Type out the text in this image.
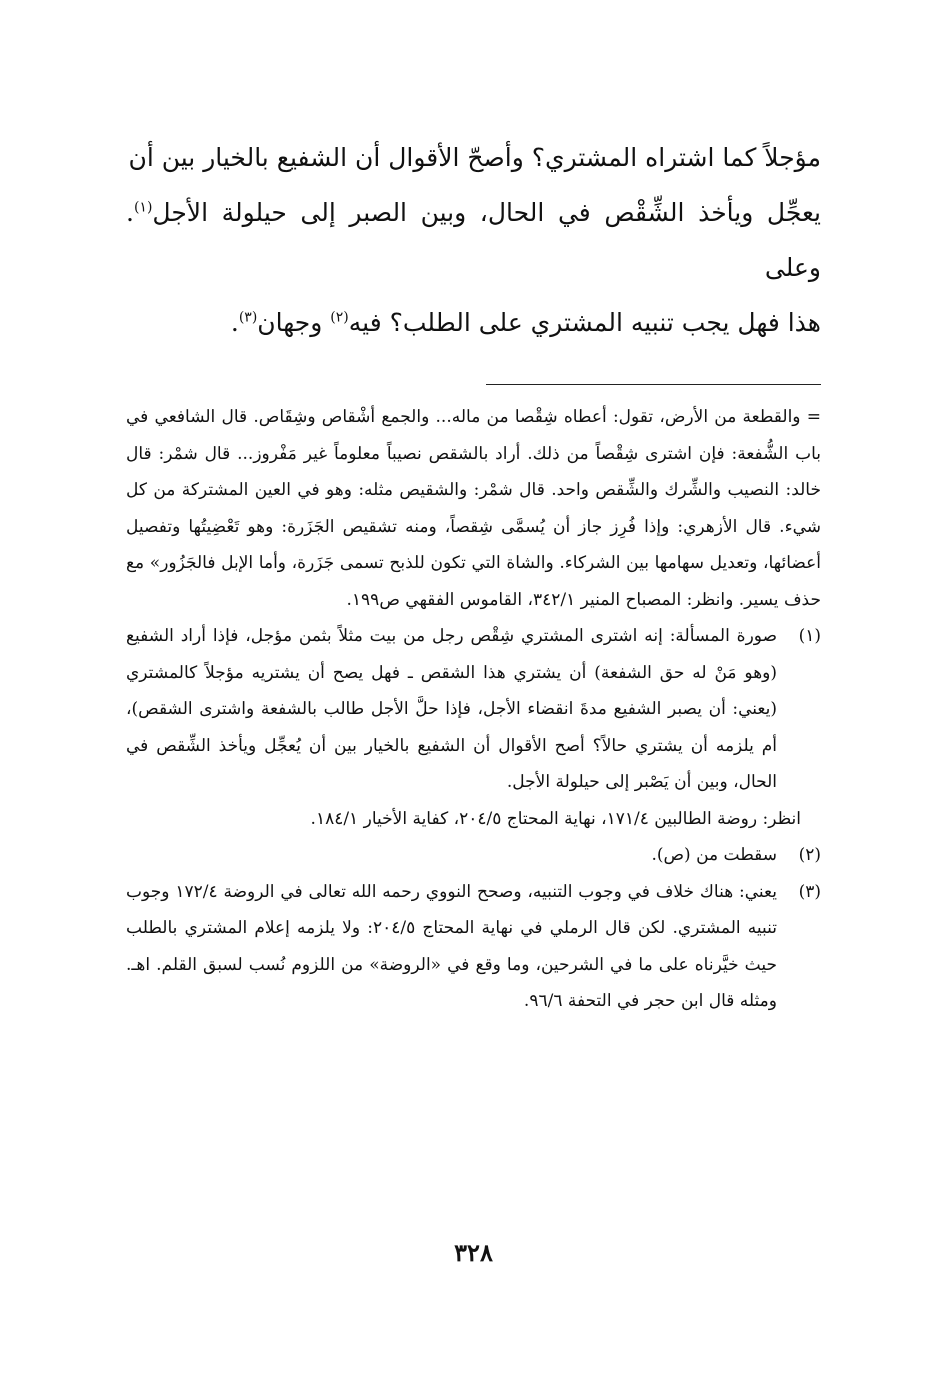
مؤجلاً كما اشتراه المشتري؟ وأصحّ الأقوال أن الشفيع بالخيار بين أن
يعجِّل ويأخذ الشِّقْص في الحال، وبين الصبر إلى حيلولة الأجل$^{(١)}$. وعلى
هذا فهل يجب تنبيه المشتري على الطلب؟ فيه$^{(٢)}$ وجهان$^{(٣)}$.

= والقطعة من الأرض، تقول: أعطاه شِقْصا من ماله... والجمع أشْقاص وشِقَاص. قال الشافعي في باب الشُّفعة: فإن اشترى شِقْصاً من ذلك. أراد بالشقص نصيباً معلوماً غير مَفْروز... قال شمْر: قال خالد: النصيب والشِّرك والشِّقص واحد. قال شمْر: والشقيص مثله: وهو في العين المشتركة من كل شيء. قال الأزهري: وإذا فُرِز جاز أن يُسمَّى شِقصاً، ومنه تشقيص الجَزَرة: وهو تَعْضِيتُها وتفصيل أعضائها، وتعديل سهامها بين الشركاء. والشاة التي تكون للذبح تسمى جَزَرة، وأما الإبل فالجَزُور» مع حذف يسير. وانظر: المصباح المنير ٣٤٢/١، القاموس الفقهي ص١٩٩.

(١)
صورة المسألة: إنه اشترى المشتري شِقْص رجل من بيت مثلاً بثمن مؤجل، فإذا أراد الشفيع (وهو مَنْ له حق الشفعة) أن يشتري هذا الشقص ـ فهل يصح أن يشتريه مؤجلاً كالمشتري (يعني: أن يصبر الشفيع مدةَ انقضاء الأجل، فإذا حلَّ الأجل طالب بالشفعة واشترى الشقص)، أم يلزمه أن يشتري حالاً؟ أصح الأقوال أن الشفيع بالخيار بين أن يُعجِّل ويأخذ الشِّقص في الحال، وبين أن يَصْبر إلى حيلولة الأجل.

انظر: روضة الطالبين ١٧١/٤، نهاية المحتاج ٢٠٤/٥، كفاية الأخيار ١٨٤/١.

(٢)
سقطت من (ص).

(٣)
يعني: هناك خلاف في وجوب التنبيه، وصحح النووي رحمه الله تعالى في الروضة ١٧٢/٤ وجوب تنبيه المشتري. لكن قال الرملي في نهاية المحتاج ٢٠٤/٥: ولا يلزمه إعلام المشتري بالطلب حيث خيَّرناه على ما في الشرحين، وما وقع في «الروضة» من اللزوم نُسب لسبق القلم. اهـ. ومثله قال ابن حجر في التحفة ٩٦/٦.

٣٢٨
